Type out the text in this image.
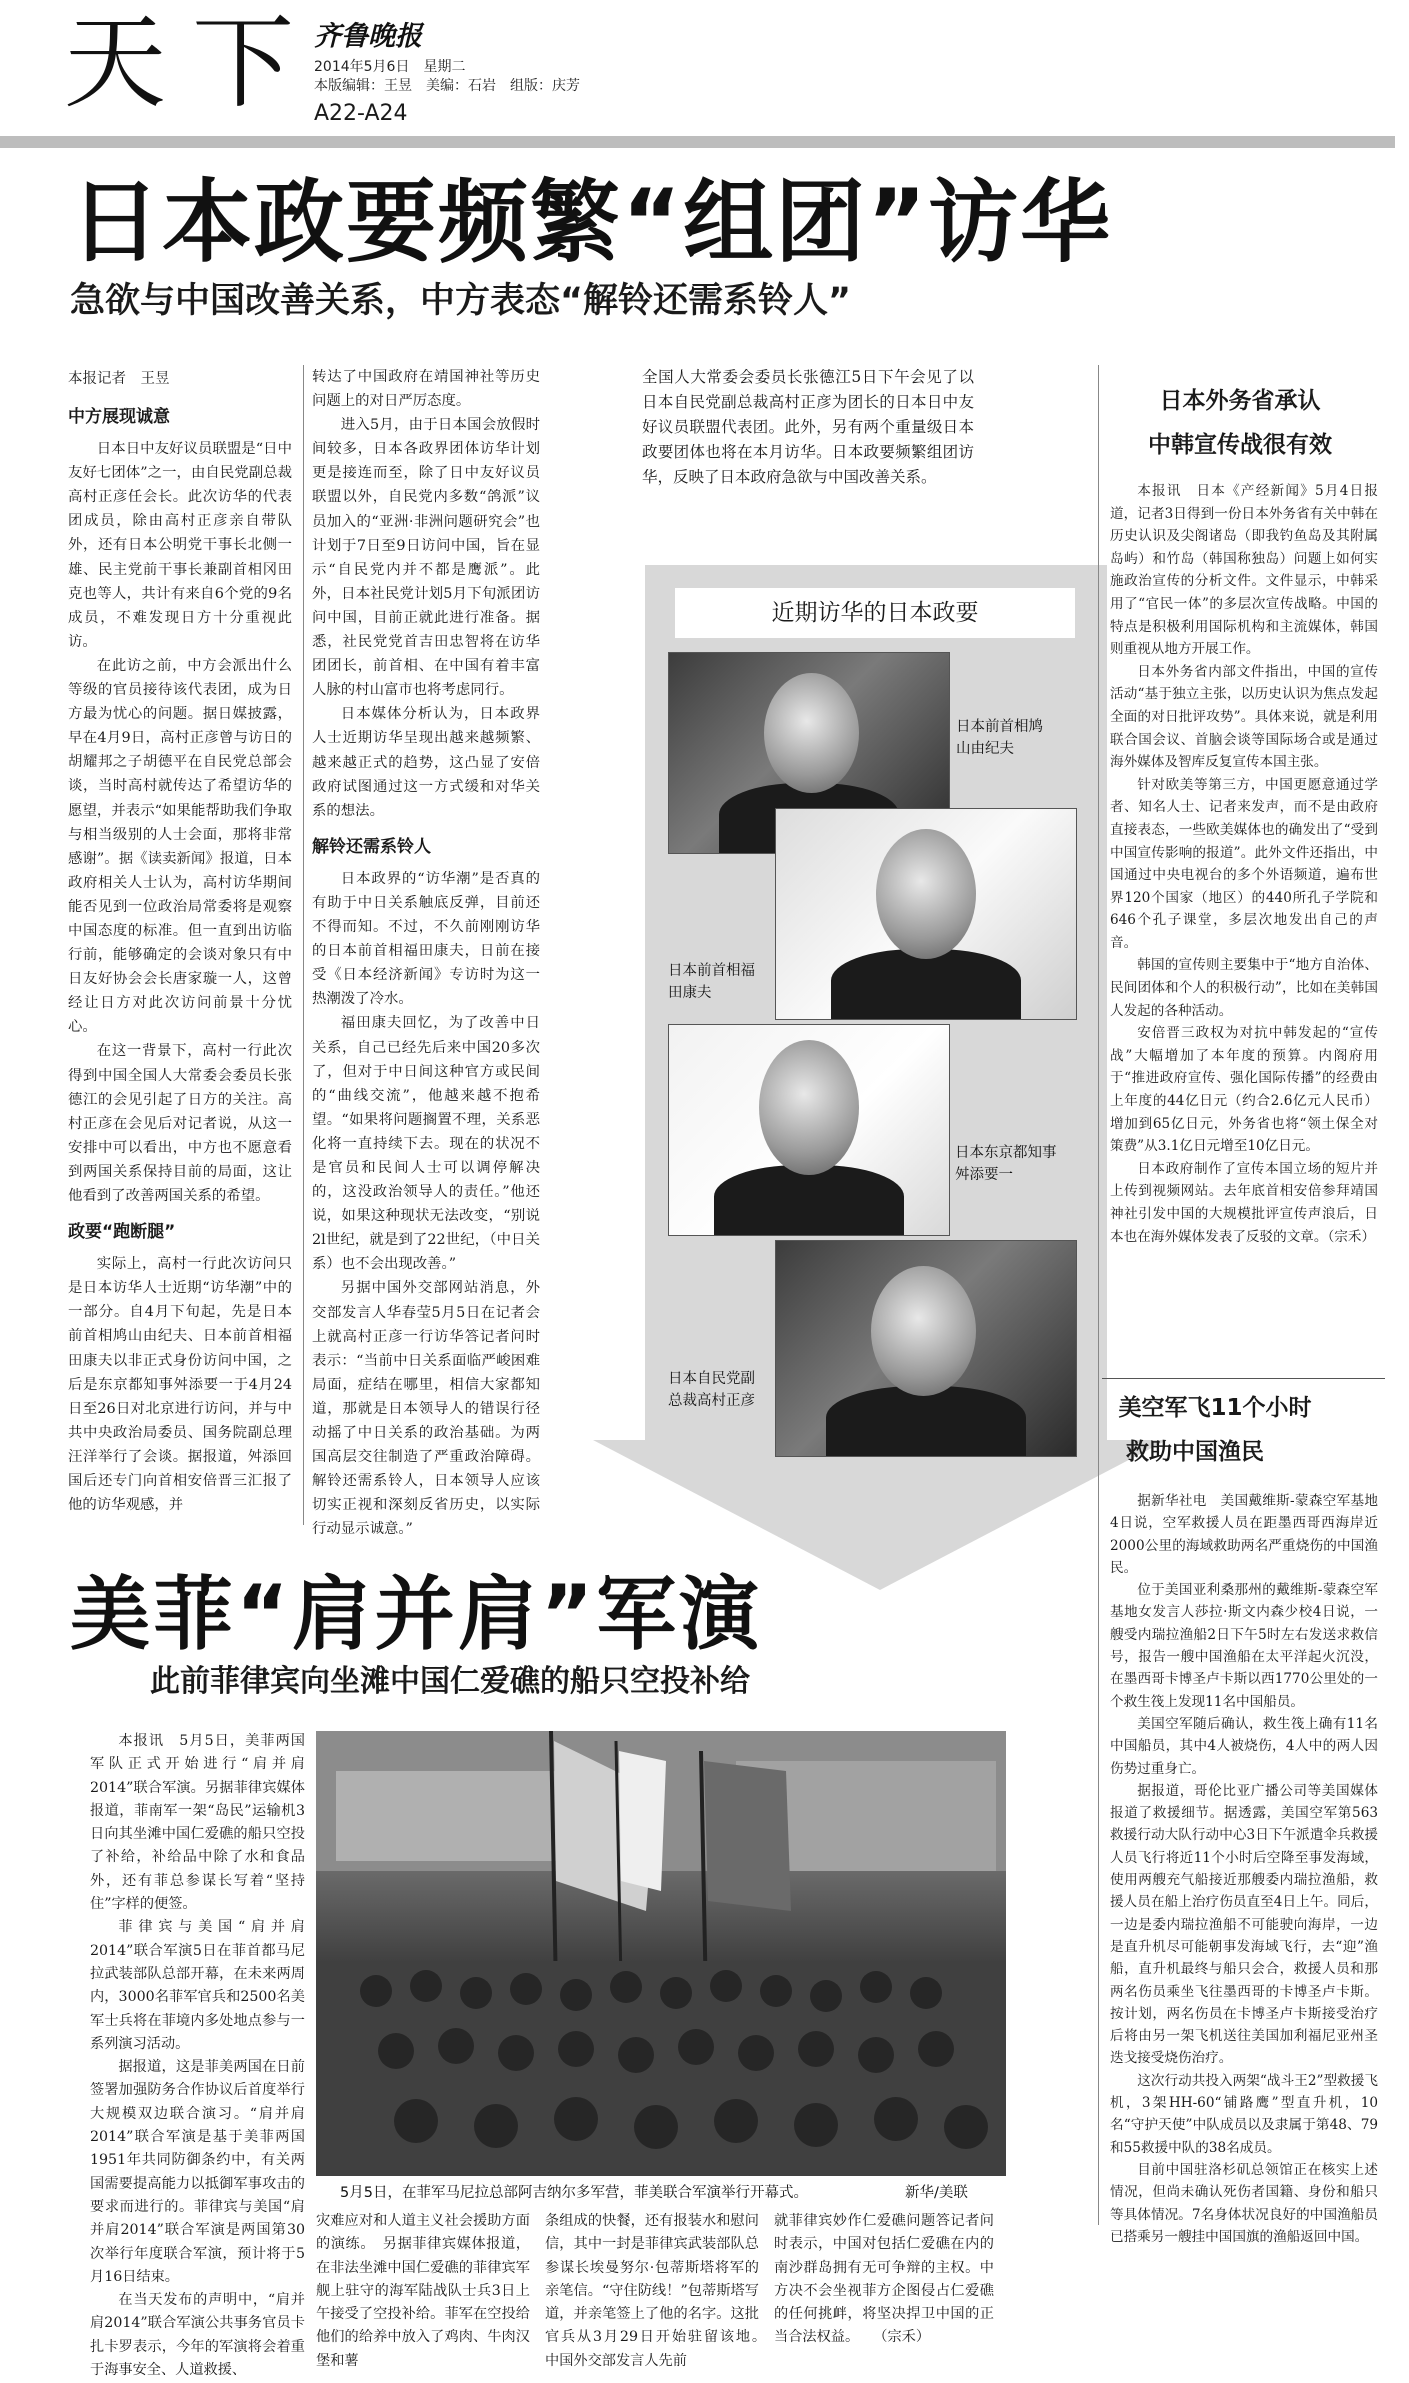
天下
齐鲁晚报
2014年5月6日　星期二
本版编辑：王昱　美编：石岩　组版：庆芳
A22-A24
日本政要频繁“组团”访华
急欲与中国改善关系，中方表态“解铃还需系铃人”
本报记者　王昱

中方展现诚意

日本日中友好议员联盟是“日中友好七团体”之一，由自民党副总裁高村正彦任会长。此次访华的代表团成员，除由高村正彦亲自带队外，还有日本公明党干事长北侧一雄、民主党前干事长兼副首相冈田克也等人，共计有来自6个党的9名成员，不难发现日方十分重视此访。

在此访之前，中方会派出什么等级的官员接待该代表团，成为日方最为忧心的问题。据日媒披露，早在4月9日，高村正彦曾与访日的胡耀邦之子胡德平在自民党总部会谈，当时高村就传达了希望访华的愿望，并表示“如果能帮助我们争取与相当级别的人士会面，那将非常感谢”。据《读卖新闻》报道，日本政府相关人士认为，高村访华期间能否见到一位政治局常委将是观察中国态度的标准。但一直到出访临行前，能够确定的会谈对象只有中日友好协会会长唐家璇一人，这曾经让日方对此次访问前景十分忧心。

在这一背景下，高村一行此次得到中国全国人大常委会委员长张德江的会见引起了日方的关注。高村正彦在会见后对记者说，从这一安排中可以看出，中方也不愿意看到两国关系保持目前的局面，这让他看到了改善两国关系的希望。

政要“跑断腿”

实际上，高村一行此次访问只是日本访华人士近期“访华潮”中的一部分。自4月下旬起，先是日本前首相鸠山由纪夫、日本前首相福田康夫以非正式身份访问中国，之后是东京都知事舛添要一于4月24日至26日对北京进行访问，并与中共中央政治局委员、国务院副总理汪洋举行了会谈。据报道，舛添回国后还专门向首相安倍晋三汇报了他的访华观感，并

转达了中国政府在靖国神社等历史问题上的对日严厉态度。

进入5月，由于日本国会放假时间较多，日本各政界团体访华计划更是接连而至，除了日中友好议员联盟以外，自民党内多数“鸽派”议员加入的“亚洲·非洲问题研究会”也计划于7日至9日访问中国，旨在显示“自民党内并不都是鹰派”。此外，日本社民党计划5月下旬派团访问中国，目前正就此进行准备。据悉，社民党党首吉田忠智将在访华团团长，前首相、在中国有着丰富人脉的村山富市也将考虑同行。

日本媒体分析认为，日本政界人士近期访华呈现出越来越频繁、越来越正式的趋势，这凸显了安倍政府试图通过这一方式缓和对华关系的想法。

解铃还需系铃人

日本政界的“访华潮”是否真的有助于中日关系触底反弹，目前还不得而知。不过，不久前刚刚访华的日本前首相福田康夫，日前在接受《日本经济新闻》专访时为这一热潮泼了冷水。

福田康夫回忆，为了改善中日关系，自己已经先后来中国20多次了，但对于中日间这种官方或民间的“曲线交流”，他越来越不抱希望。“如果将问题搁置不理，关系恶化将一直持续下去。现在的状况不是官员和民间人士可以调停解决的，这没政治领导人的责任。”他还说，如果这种现状无法改变，“别说2l世纪，就是到了22世纪，（中日关系）也不会出现改善。”

另据中国外交部网站消息，外交部发言人华春莹5月5日在记者会上就高村正彦一行访华答记者问时表示：“当前中日关系面临严峻困难局面，症结在哪里，相信大家都知道，那就是日本领导人的错误行径动摇了中日关系的政治基础。为两国高层交往制造了严重政治障碍。解铃还需系铃人，日本领导人应该切实正视和深刻反省历史，以实际行动显示诚意。”

全国人大常委会委员长张德江5日下午会见了以日本自民党副总裁高村正彦为团长的日本日中友好议员联盟代表团。此外，另有两个重量级日本政要团体也将在本月访华。日本政要频繁组团访华，反映了日本政府急欲与中国改善关系。
近期访华的日本政要
日本前首相鸠山由纪夫
日本前首相福田康夫
日本东京都知事舛添要一
日本自民党副总裁高村正彦
日本外务省承认
中韩宣传战很有效

本报讯　日本《产经新闻》5月4日报道，记者3日得到一份日本外务省有关中韩在历史认识及尖阁诸岛（即我钓鱼岛及其附属岛屿）和竹岛（韩国称独岛）问题上如何实施政治宣传的分析文件。文件显示，中韩采用了“官民一体”的多层次宣传战略。中国的特点是积极利用国际机构和主流媒体，韩国则重视从地方开展工作。

日本外务省内部文件指出，中国的宣传活动“基于独立主张，以历史认识为焦点发起全面的对日批评攻势”。具体来说，就是利用联合国会议、首脑会谈等国际场合或是通过海外媒体及智库反复宣传本国主张。

针对欧美等第三方，中国更愿意通过学者、知名人士、记者来发声，而不是由政府直接表态，一些欧美媒体也的确发出了“受到中国宣传影响的报道”。此外文件还指出，中国通过中央电视台的多个外语频道，遍布世界120个国家（地区）的440所孔子学院和646个孔子课堂，多层次地发出自己的声音。

韩国的宣传则主要集中于“地方自治体、民间团体和个人的积极行动”，比如在美韩国人发起的各种活动。

安倍晋三政权为对抗中韩发起的“宣传战”大幅增加了本年度的预算。内阁府用于“推进政府宣传、强化国际传播”的经费由上年度的44亿日元（约合2.6亿元人民币）增加到65亿日元，外务省也将“领土保全对策费”从3.1亿日元增至10亿日元。

日本政府制作了宣传本国立场的短片并上传到视频网站。去年底首相安倍参拜靖国神社引发中国的大规模批评宣传声浪后，日本也在海外媒体发表了反驳的文章。（宗禾）

美空军飞11个小时
救助中国渔民

据新华社电　美国戴维斯-蒙森空军基地4日说，空军救援人员在距墨西哥西海岸近2000公里的海域救助两名严重烧伤的中国渔民。

位于美国亚利桑那州的戴维斯-蒙森空军基地女发言人莎拉·斯文内森少校4日说，一艘受内瑞拉渔船2日下午5时左右发送求救信号，报告一艘中国渔船在太平洋起火沉没，在墨西哥卡博圣卢卡斯以西1770公里处的一个救生筏上发现11名中国船员。

美国空军随后确认，救生筏上确有11名中国船员，其中4人被烧伤，4人中的两人因伤势过重身亡。

据报道，哥伦比亚广播公司等美国媒体报道了救援细节。据透露，美国空军第563救援行动大队行动中心3日下午派遣伞兵救援人员飞行将近11个小时后空降至事发海域，使用两艘充气船接近那艘委内瑞拉渔船，救援人员在船上治疗伤员直至4日上午。同后，一边是委内瑞拉渔船不可能驶向海岸，一边是直升机尽可能朝事发海域飞行，去“迎”渔船，直升机最终与船只会合，救援人员和那两名伤员乘坐飞往墨西哥的卡博圣卢卡斯。按计划，两名伤员在卡博圣卢卡斯接受治疗后将由另一架飞机送往美国加利福尼亚州圣迭戈接受烧伤治疗。

这次行动共投入两架“战斗王2”型救援飞机，3架HH-60“铺路鹰”型直升机，10名“守护天使”中队成员以及隶属于第48、79和55救援中队的38名成员。

目前中国驻洛杉矶总领馆正在核实上述情况，但尚未确认死伤者国籍、身份和船只等具体情况。7名身体状况良好的中国渔船员已搭乘另一艘挂中国国旗的渔船返回中国。

美菲“肩并肩”军演
此前菲律宾向坐滩中国仁爱礁的船只空投补给

本报讯　5月5日，美菲两国军队正式开始进行“肩并肩2014”联合军演。另据菲律宾媒体报道，菲南军一架“岛民”运输机3日向其坐滩中国仁爱礁的船只空投了补给，补给品中除了水和食品外，还有菲总参谋长写着“坚持住”字样的便签。

菲律宾与美国“肩并肩2014”联合军演5日在菲首都马尼拉武装部队总部开幕，在未来两周内，3000名菲军官兵和2500名美军士兵将在菲境内多处地点参与一系列演习活动。

据报道，这是菲美两国在日前签署加强防务合作协议后首度举行大规模双边联合演习。“肩并肩2014”联合军演是基于美菲两国1951年共同防御条约中，有关两国需要提高能力以抵御军事攻击的要求而进行的。菲律宾与美国“肩并肩2014”联合军演是两国第30次举行年度联合军演，预计将于5月16日结束。

在当天发布的声明中，“肩并肩2014”联合军演公共事务官员卡扎卡罗表示，今年的军演将会着重于海事安全、人道救援、

5月5日，在菲军马尼拉总部阿吉纳尔多军营，菲美联合军演举行开幕式。	新华/美联
灾难应对和人道主义社会援助方面的演练。　另据菲律宾媒体报道，在非法坐滩中国仁爱礁的菲律宾军舰上驻守的海军陆战队士兵3日上午接受了空投补给。菲军在空投给他们的给养中放入了鸡肉、牛肉汉堡和薯
条组成的快餐，还有报装水和慰问信，其中一封是菲律宾武装部队总参谋长埃曼努尔·包蒂斯塔将军的亲笔信。“守住防线！”包蒂斯塔写道，并亲笔签上了他的名字。这批官兵从3月29日开始驻留该地。　中国外交部发言人先前
就菲律宾妙作仁爱礁问题答记者问时表示，中国对包括仁爱礁在内的南沙群岛拥有无可争辩的主权。中方决不会坐视菲方企图侵占仁爱礁的任何挑衅，将坚决捍卫中国的正当合法权益。　　（宗禾）
